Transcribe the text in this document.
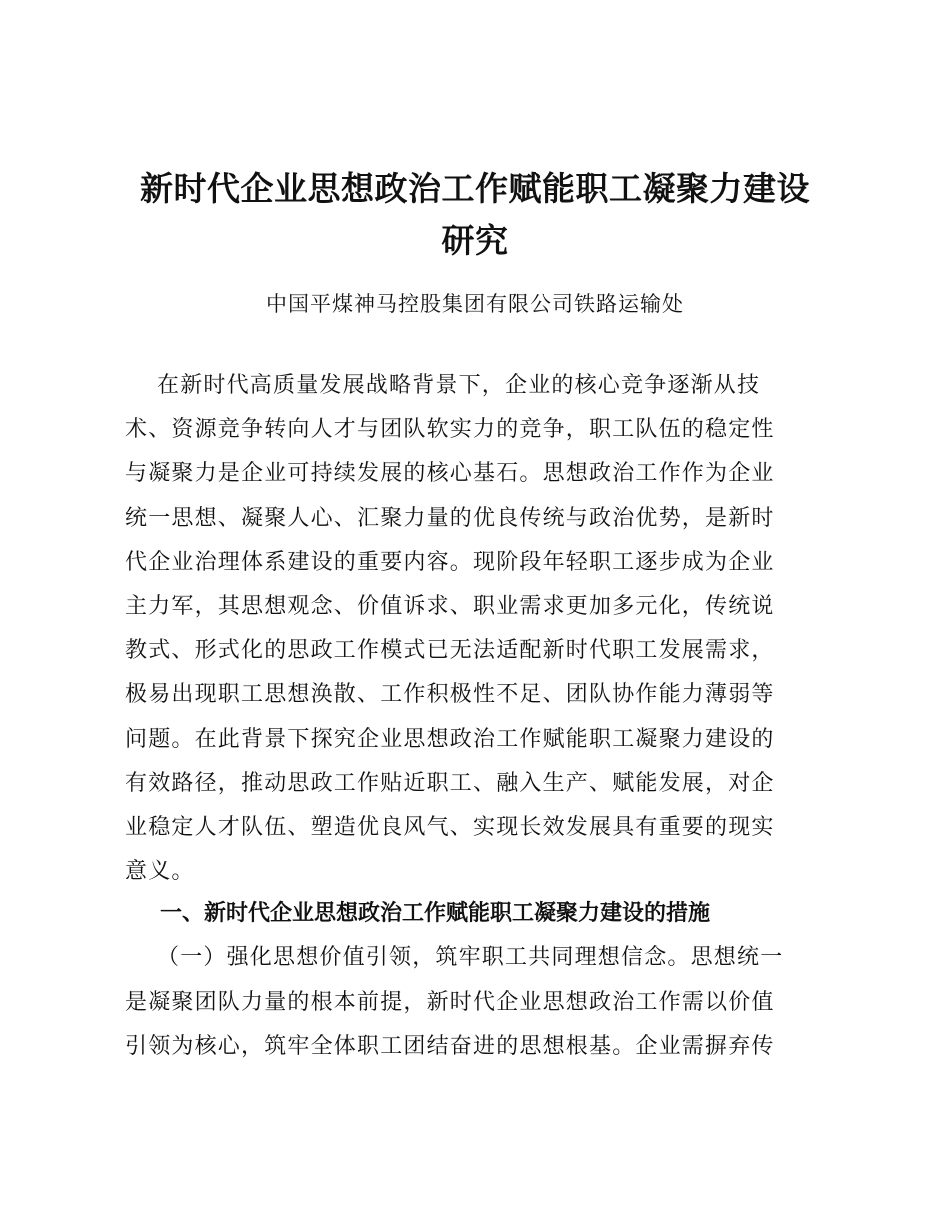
新时代企业思想政治工作赋能职工凝聚力建设
研究
中国平煤神马控股集团有限公司铁路运输处
在新时代高质量发展战略背景下，企业的核心竞争逐渐从技
术、资源竞争转向人才与团队软实力的竞争，职工队伍的稳定性
与凝聚力是企业可持续发展的核心基石。思想政治工作作为企业
统一思想、凝聚人心、汇聚力量的优良传统与政治优势，是新时
代企业治理体系建设的重要内容。现阶段年轻职工逐步成为企业
主力军，其思想观念、价值诉求、职业需求更加多元化，传统说
教式、形式化的思政工作模式已无法适配新时代职工发展需求，
极易出现职工思想涣散、工作积极性不足、团队协作能力薄弱等
问题。在此背景下探究企业思想政治工作赋能职工凝聚力建设的
有效路径，推动思政工作贴近职工、融入生产、赋能发展，对企
业稳定人才队伍、塑造优良风气、实现长效发展具有重要的现实
意义。
一、新时代企业思想政治工作赋能职工凝聚力建设的措施
（一）强化思想价值引领，筑牢职工共同理想信念。思想统一
是凝聚团队力量的根本前提，新时代企业思想政治工作需以价值
引领为核心，筑牢全体职工团结奋进的思想根基。企业需摒弃传
